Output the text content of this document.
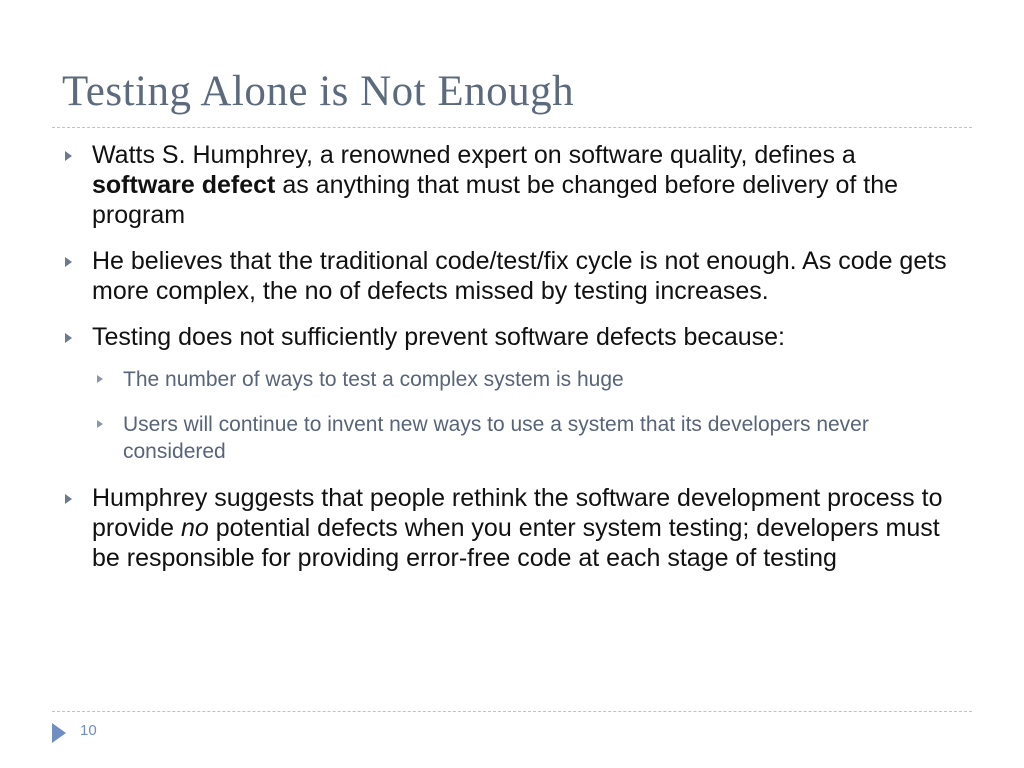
Testing Alone is Not Enough
Watts S. Humphrey, a renowned expert on software quality, defines a software defect as anything that must be changed before delivery of the program
He believes that the traditional code/test/fix cycle is not enough. As code gets more complex, the no of defects missed by testing increases.
Testing does not sufficiently prevent software defects because:
The number of ways to test a complex system is huge
Users will continue to invent new ways to use a system that its developers never considered
Humphrey suggests that people rethink the software development process to provide no potential defects when you enter system testing; developers must be responsible for providing error-free code at each stage of testing
10
